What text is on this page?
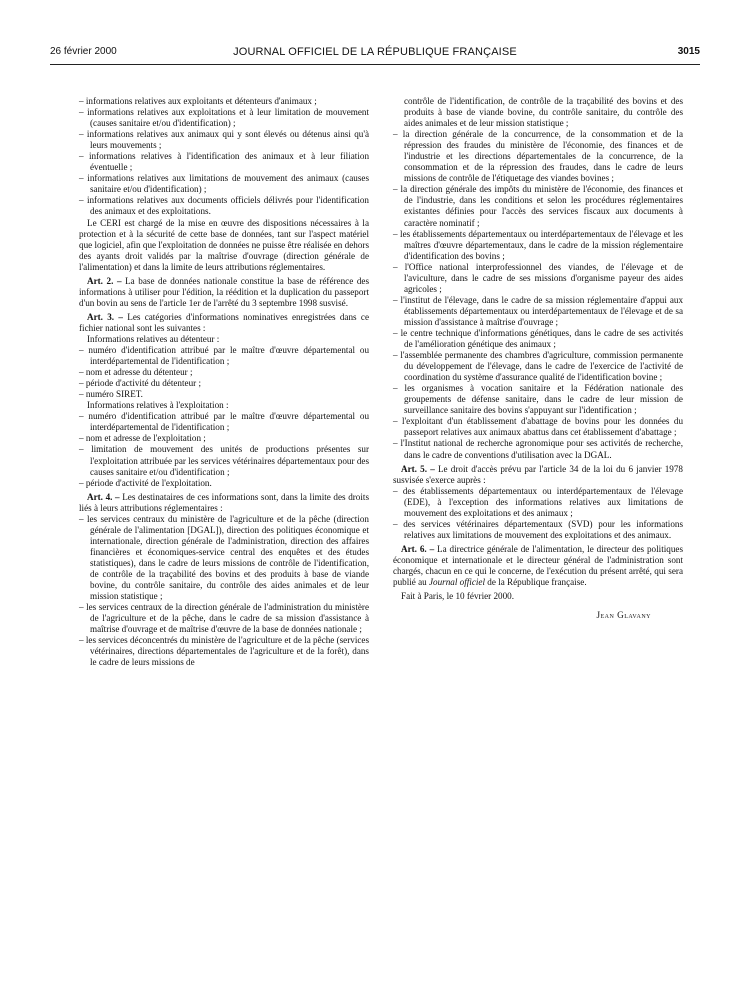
26 février 2000	JOURNAL OFFICIEL DE LA RÉPUBLIQUE FRANÇAISE	3015

– informations relatives aux exploitants et détenteurs d'animaux ;

– informations relatives aux exploitations et à leur limitation de mouvement (causes sanitaire et/ou d'identification) ;

– informations relatives aux animaux qui y sont élevés ou détenus ainsi qu'à leurs mouvements ;

– informations relatives à l'identification des animaux et à leur filiation éventuelle ;

– informations relatives aux limitations de mouvement des animaux (causes sanitaire et/ou d'identification) ;

– informations relatives aux documents officiels délivrés pour l'identification des animaux et des exploitations.

Le CERI est chargé de la mise en œuvre des dispositions nécessaires à la protection et à la sécurité de cette base de données, tant sur l'aspect matériel que logiciel, afin que l'exploitation de données ne puisse être réalisée en dehors des ayants droit validés par la maîtrise d'ouvrage (direction générale de l'alimentation) et dans la limite de leurs attributions réglementaires.

Art. 2. – La base de données nationale constitue la base de référence des informations à utiliser pour l'édition, la réédition et la duplication du passeport d'un bovin au sens de l'article 1er de l'arrêté du 3 septembre 1998 susvisé.

Art. 3. – Les catégories d'informations nominatives enregistrées dans ce fichier national sont les suivantes :

Informations relatives au détenteur :

– numéro d'identification attribué par le maître d'œuvre départemental ou interdépartemental de l'identification ;

– nom et adresse du détenteur ;

– période d'activité du détenteur ;

– numéro SIRET.

Informations relatives à l'exploitation :

– numéro d'identification attribué par le maître d'œuvre départemental ou interdépartemental de l'identification ;

– nom et adresse de l'exploitation ;

– limitation de mouvement des unités de productions présentes sur l'exploitation attribuée par les services vétérinaires départementaux pour des causes sanitaire et/ou d'identification ;

– période d'activité de l'exploitation.

Art. 4. – Les destinataires de ces informations sont, dans la limite des droits liés à leurs attributions réglementaires :

– les services centraux du ministère de l'agriculture et de la pêche (direction générale de l'alimentation [DGAL]), direction des politiques économique et internationale, direction générale de l'administration, direction des affaires financières et économiques-service central des enquêtes et des études statistiques), dans le cadre de leurs missions de contrôle de l'identification, de contrôle de la traçabilité des bovins et des produits à base de viande bovine, du contrôle sanitaire, du contrôle des aides animales et de leur mission statistique ;

– les services centraux de la direction générale de l'administration du ministère de l'agriculture et de la pêche, dans le cadre de sa mission d'assistance à maîtrise d'ouvrage et de maîtrise d'œuvre de la base de données nationale ;

– les services déconcentrés du ministère de l'agriculture et de la pêche (services vétérinaires, directions départementales de l'agriculture et de la forêt), dans le cadre de leurs missions de

contrôle de l'identification, de contrôle de la traçabilité des bovins et des produits à base de viande bovine, du contrôle sanitaire, du contrôle des aides animales et de leur mission statistique ;

– la direction générale de la concurrence, de la consommation et de la répression des fraudes du ministère de l'économie, des finances et de l'industrie et les directions départementales de la concurrence, de la consommation et de la répression des fraudes, dans le cadre de leurs missions de contrôle de l'étiquetage des viandes bovines ;

– la direction générale des impôts du ministère de l'économie, des finances et de l'industrie, dans les conditions et selon les procédures réglementaires existantes définies pour l'accès des services fiscaux aux documents à caractère nominatif ;

– les établissements départementaux ou interdépartementaux de l'élevage et les maîtres d'œuvre départementaux, dans le cadre de la mission réglementaire d'identification des bovins ;

– l'Office national interprofessionnel des viandes, de l'élevage et de l'aviculture, dans le cadre de ses missions d'organisme payeur des aides agricoles ;

– l'institut de l'élevage, dans le cadre de sa mission réglementaire d'appui aux établissements départementaux ou interdépartementaux de l'élevage et de sa mission d'assistance à maîtrise d'ouvrage ;

– le centre technique d'informations génétiques, dans le cadre de ses activités de l'amélioration génétique des animaux ;

– l'assemblée permanente des chambres d'agriculture, commission permanente du développement de l'élevage, dans le cadre de l'exercice de l'activité de coordination du système d'assurance qualité de l'identification bovine ;

– les organismes à vocation sanitaire et la Fédération nationale des groupements de défense sanitaire, dans le cadre de leur mission de surveillance sanitaire des bovins s'appuyant sur l'identification ;

– l'exploitant d'un établissement d'abattage de bovins pour les données du passeport relatives aux animaux abattus dans cet établissement d'abattage ;

– l'Institut national de recherche agronomique pour ses activités de recherche, dans le cadre de conventions d'utilisation avec la DGAL.

Art. 5. – Le droit d'accès prévu par l'article 34 de la loi du 6 janvier 1978 susvisée s'exerce auprès :

– des établissements départementaux ou interdépartementaux de l'élevage (EDE), à l'exception des informations relatives aux limitations de mouvement des exploitations et des animaux ;

– des services vétérinaires départementaux (SVD) pour les informations relatives aux limitations de mouvement des exploitations et des animaux.

Art. 6. – La directrice générale de l'alimentation, le directeur des politiques économique et internationale et le directeur général de l'administration sont chargés, chacun en ce qui le concerne, de l'exécution du présent arrêté, qui sera publié au Journal officiel de la République française.

Fait à Paris, le 10 février 2000.

Jean Glavany
